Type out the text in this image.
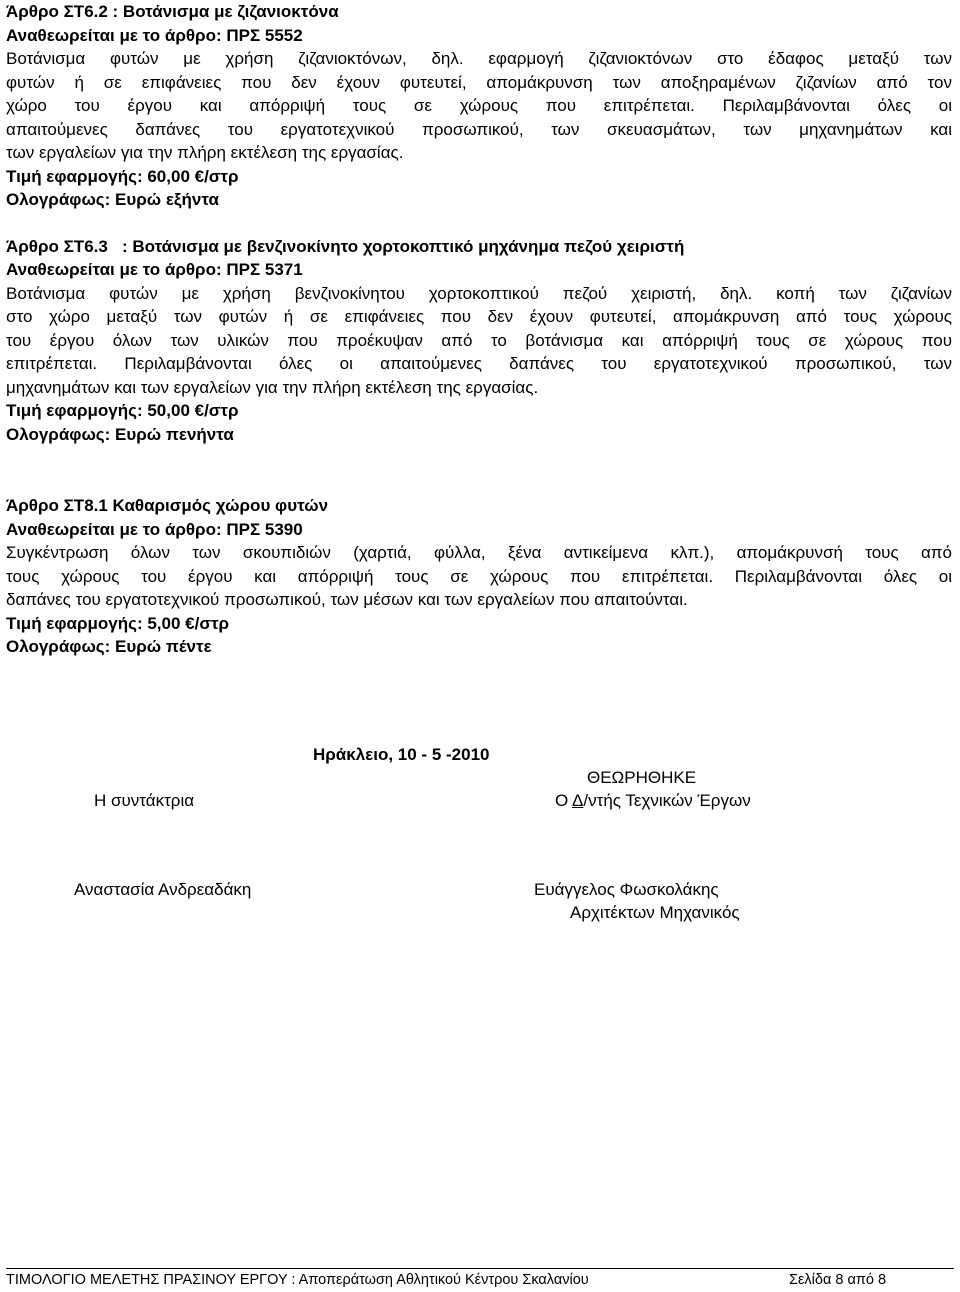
Άρθρο ΣΤ6.2 : Βοτάνισμα με ζιζανιοκτόνα

Αναθεωρείται με το άρθρο: ΠΡΣ 5552

Βοτάνισμα φυτών με χρήση ζιζανιοκτόνων, δηλ. εφαρμογή ζιζανιοκτόνων στο έδαφος μεταξύ των

φυτών ή σε επιφάνειες που δεν έχουν φυτευτεί, απομάκρυνση των αποξηραμένων ζιζανίων από τον

χώρο του έργου και απόρριψή τους σε χώρους που επιτρέπεται. Περιλαμβάνονται όλες οι

απαιτούμενες δαπάνες του εργατοτεχνικού προσωπικού, των σκευασμάτων, των μηχανημάτων και

των εργαλείων για την πλήρη εκτέλεση της εργασίας.

Τιμή εφαρμογής: 60,00 €/στρ

Ολογράφως: Ευρώ εξήντα

Άρθρο ΣΤ6.3   : Βοτάνισμα με βενζινοκίνητο χορτοκοπτικό μηχάνημα πεζού χειριστή

Αναθεωρείται με το άρθρο: ΠΡΣ 5371

Βοτάνισμα φυτών με χρήση βενζινοκίνητου χορτοκοπτικού πεζού χειριστή, δηλ. κοπή των ζιζανίων

στο χώρο μεταξύ των φυτών ή σε επιφάνειες που δεν έχουν φυτευτεί, απομάκρυνση από τους χώρους

του έργου όλων των υλικών που προέκυψαν από το βοτάνισμα και απόρριψή τους σε χώρους που

επιτρέπεται. Περιλαμβάνονται όλες οι απαιτούμενες δαπάνες του εργατοτεχνικού προσωπικού, των

μηχανημάτων και των εργαλείων για την πλήρη εκτέλεση της εργασίας.

Τιμή εφαρμογής: 50,00 €/στρ

Ολογράφως: Ευρώ πενήντα

Άρθρο ΣΤ8.1 Καθαρισμός χώρου φυτών

Αναθεωρείται με το άρθρο: ΠΡΣ 5390

Συγκέντρωση όλων των σκουπιδιών (χαρτιά, φύλλα, ξένα αντικείμενα κλπ.), απομάκρυνσή τους από

τους χώρους του έργου και απόρριψή τους σε χώρους που επιτρέπεται. Περιλαμβάνονται όλες οι

δαπάνες του εργατοτεχνικού προσωπικού, των μέσων και των εργαλείων που απαιτούνται.

Τιμή εφαρμογής: 5,00 €/στρ

Ολογράφως: Ευρώ πέντε

Ηράκλειο, 10 - 5 -2010
ΘΕΩΡΗΘΗΚΕ
Η συντάκτρια	Ο Δ/ντής Τεχνικών Έργων
Αναστασία Ανδρεαδάκη	Ευάγγελος Φωσκολάκης
Αρχιτέκτων Μηχανικός
ΤΙΜΟΛΟΓΙΟ ΜΕΛΕΤΗΣ ΠΡΑΣΙΝΟΥ ΕΡΓΟΥ : Αποπεράτωση Αθλητικού Κέντρου Σκαλανίου	Σελίδα 8 από 8
